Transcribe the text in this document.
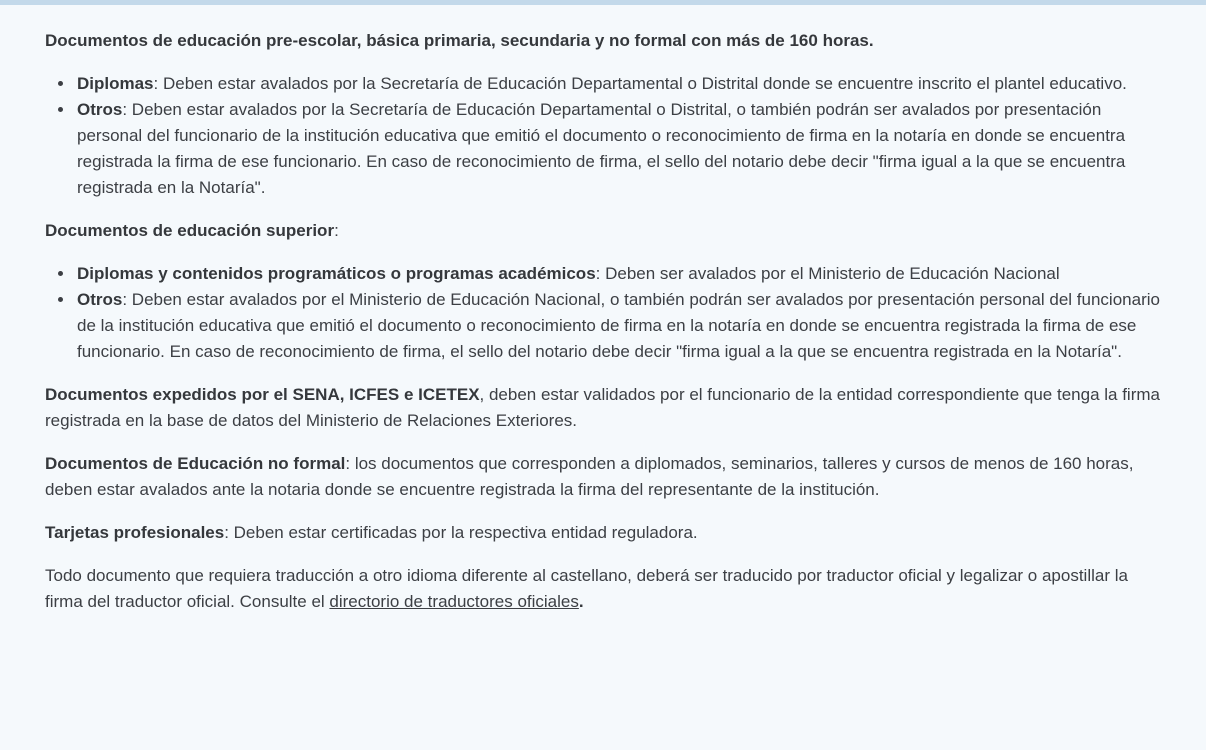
Documentos de educación pre-escolar, básica primaria, secundaria y no formal con más de 160 horas.

• Diplomas: Deben estar avalados por la Secretaría de Educación Departamental o Distrital donde se encuentre inscrito el plantel educativo.
• Otros: Deben estar avalados por la Secretaría de Educación Departamental o Distrital, o también podrán ser avalados por presentación personal del funcionario de la institución educativa que emitió el documento o reconocimiento de firma en la notaría en donde se encuentra registrada la firma de ese funcionario. En caso de reconocimiento de firma, el sello del notario debe decir "firma igual a la que se encuentra registrada en la Notaría".

Documentos de educación superior:

• Diplomas y contenidos programáticos o programas académicos: Deben ser avalados por el Ministerio de Educación Nacional
• Otros: Deben estar avalados por el Ministerio de Educación Nacional, o también podrán ser avalados por presentación personal del funcionario de la institución educativa que emitió el documento o reconocimiento de firma en la notaría en donde se encuentra registrada la firma de ese funcionario. En caso de reconocimiento de firma, el sello del notario debe decir "firma igual a la que se encuentra registrada en la Notaría".

Documentos expedidos por el SENA, ICFES e ICETEX, deben estar validados por el funcionario de la entidad correspondiente que tenga la firma registrada en la base de datos del Ministerio de Relaciones Exteriores.

Documentos de Educación no formal: los documentos que corresponden a diplomados, seminarios, talleres y cursos de menos de 160 horas, deben estar avalados ante la notaria donde se encuentre registrada la firma del representante de la institución.

Tarjetas profesionales: Deben estar certificadas por la respectiva entidad reguladora.

Todo documento que requiera traducción a otro idioma diferente al castellano, deberá ser traducido por traductor oficial y legalizar o apostillar la firma del traductor oficial. Consulte el directorio de traductores oficiales.
